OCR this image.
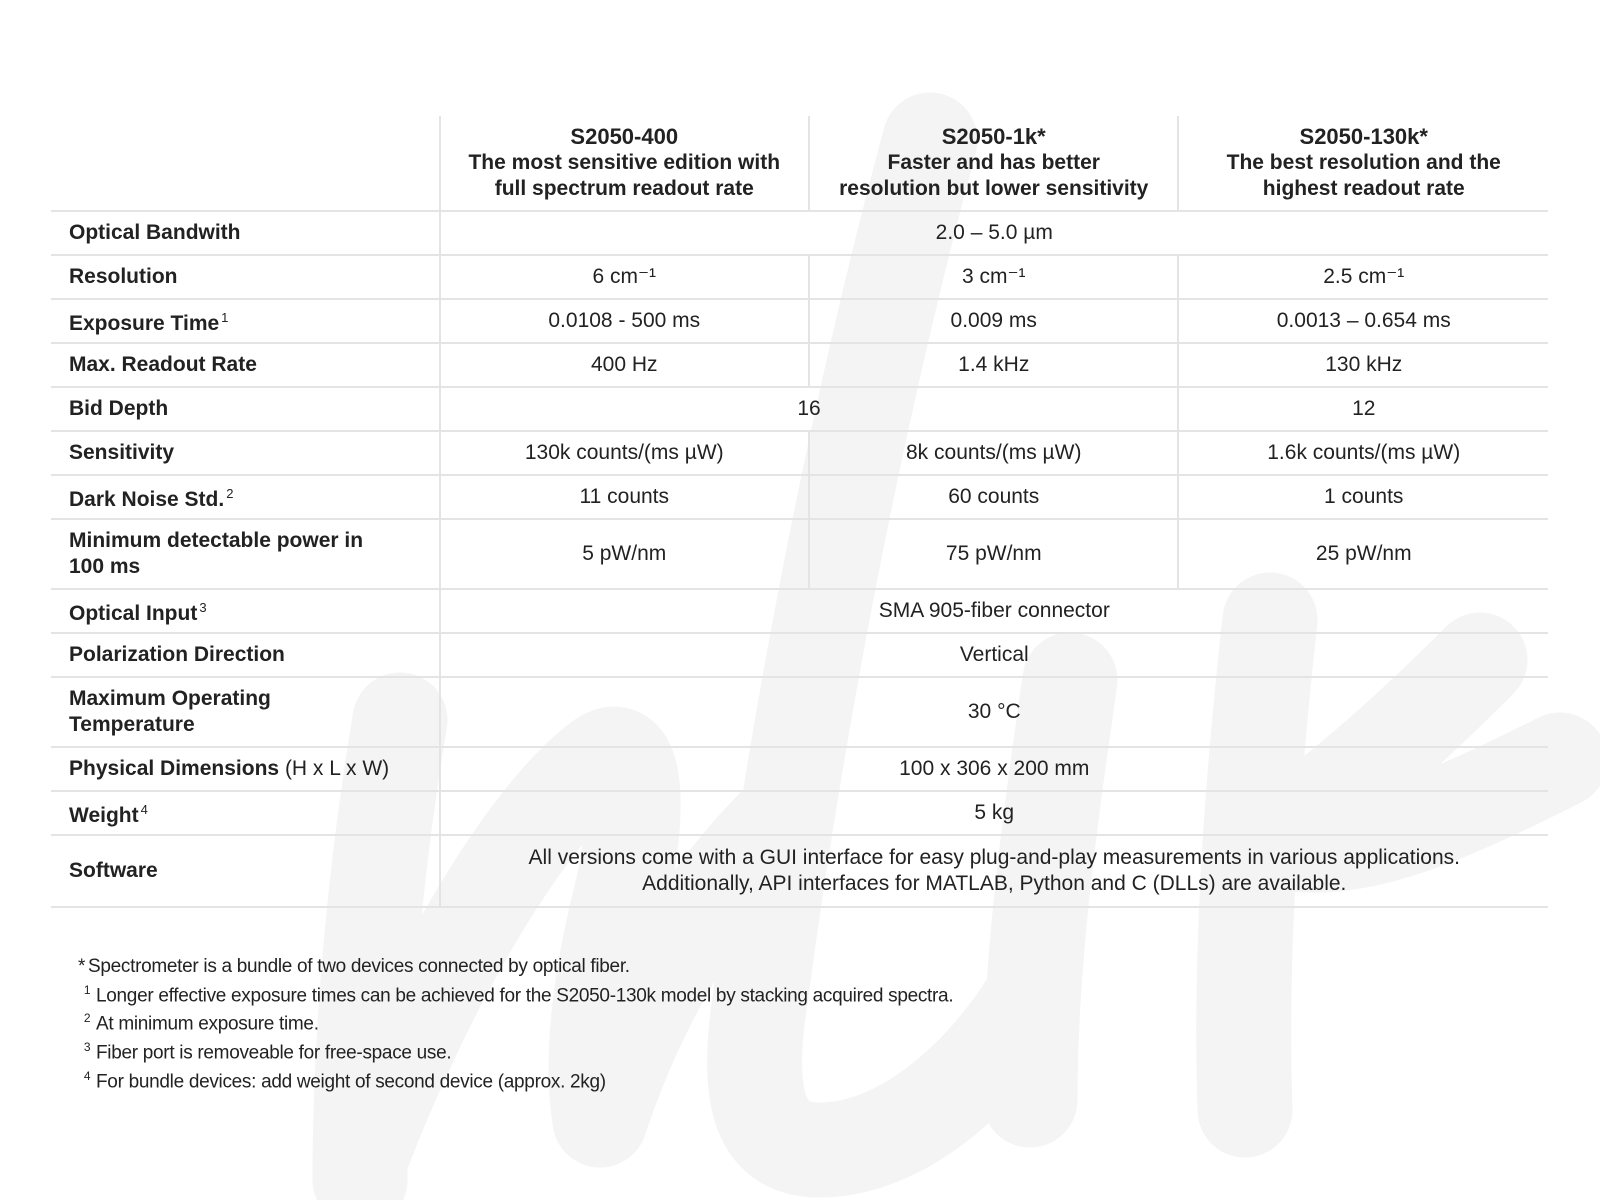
	S2050-400
The most sensitive edition with
full spectrum readout rate	S2050-1k*
Faster and has better
resolution but lower sensitivity	S2050-130k*
The best resolution and the
highest readout rate

Optical Bandwith	2.0 – 5.0 µm		
Resolution	6 cm⁻¹	3 cm⁻¹	2.5 cm⁻¹
Exposure Time $^1$	0.0108 - 500 ms	0.009 ms	0.0013 – 0.654 ms
Max. Readout Rate	400 Hz	1.4 kHz	130 kHz
Bid Depth	16		12
Sensitivity	130k counts/(ms µW)	8k counts/(ms µW)	1.6k counts/(ms µW)
Dark Noise Std. $^2$	11 counts	60 counts	1 counts
Minimum detectable power in
100 ms	5 pW/nm	75 pW/nm	25 pW/nm
Optical Input $^3$	SMA 905-fiber connector		
Polarization Direction	Vertical		
Maximum Operating
Temperature	30 °C		
Physical Dimensions (H x L x W)	100 x 306 x 200 mm		
Weight $^4$	5 kg		
Software	All versions come with a GUI interface for easy plug-and-play measurements in various applications.
Additionally, API interfaces for MATLAB, Python and C (DLLs) are available.		
* Spectrometer is a bundle of two devices connected by optical fiber.
1 Longer effective exposure times can be achieved for the S2050-130k model by stacking acquired spectra.
2 At minimum exposure time.
3 Fiber port is removeable for free-space use.
4 For bundle devices: add weight of second device (approx. 2kg)
